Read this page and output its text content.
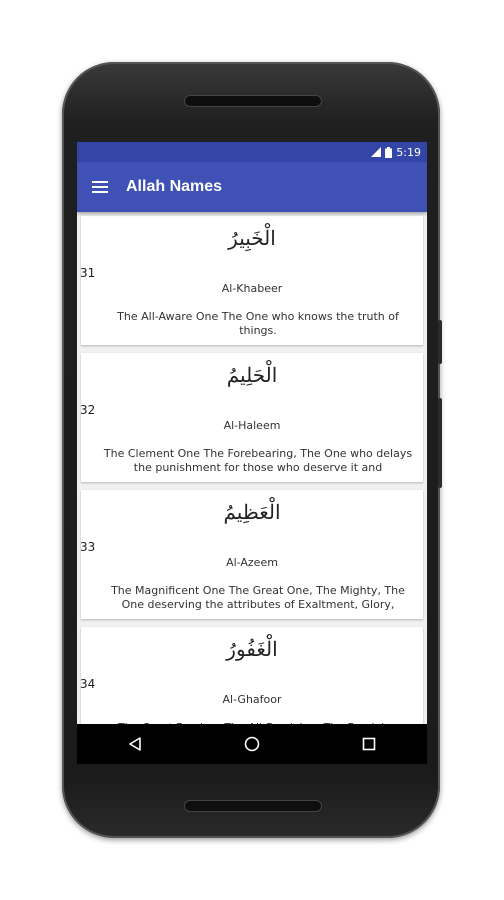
5:19
Allah Names
الْخَبِيرُ
31
Al-Khabeer
The All-Aware One The One who knows the truth of things.
الْحَلِيمُ
32
Al-Haleem
The Clement One The Forebearing, The One who delays the punishment for those who deserve it and
الْعَظِيمُ
33
Al-Azeem
The Magnificent One The Great One, The Mighty, The One deserving the attributes of Exaltment, Glory,
الْغَفُورُ
34
Al-Ghafoor
